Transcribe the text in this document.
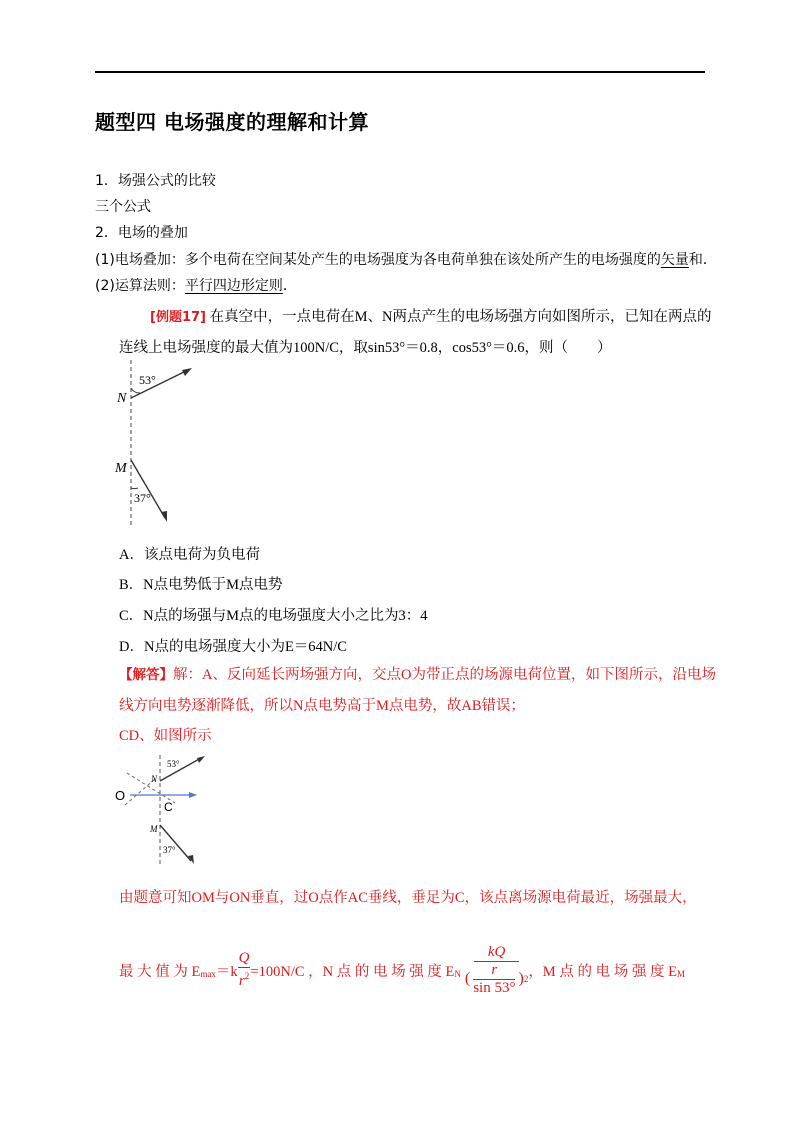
题型四 电场强度的理解和计算
1．场强公式的比较
三个公式
2．电场的叠加
(1)电场叠加：多个电荷在空间某处产生的电场强度为各电荷单独在该处所产生的电场强度的矢量和．
(2)运算法则：平行四边形定则．
[例题17] 在真空中，一点电荷在M、N两点产生的电场场强方向如图所示，已知在两点的
连线上电场强度的最大值为100N/C，取sin53°＝0.8，cos53°＝0.6，则（　　）
N
M
53°
37°
A．该点电荷为负电荷
B．N点电势低于M点电势
C．N点的场强与M点的电场强度大小之比为3：4
D．N点的电场强度大小为E＝64N/C
【解答】解：A、反向延长两场强方向，交点O为带正点的场源电荷位置，如下图所示，沿电场
线方向电势逐渐降低，所以N点电势高于M点电势，故AB错误；
CD、如图所示
O
C
N
M
53°
37°
由题意可知OM与ON垂直，过O点作AC垂线，垂足为C，该点离场源电荷最近，场强最大，
最 大 值 为 E $\max =k \frac{Q}{r^2} =100N/C$ ，N 点 的 电 场 强 度 E N
kQ
( $\frac{r}{\sin 53^\circ}$ ) 2 ，M 点 的 电 场 强 度 E M
